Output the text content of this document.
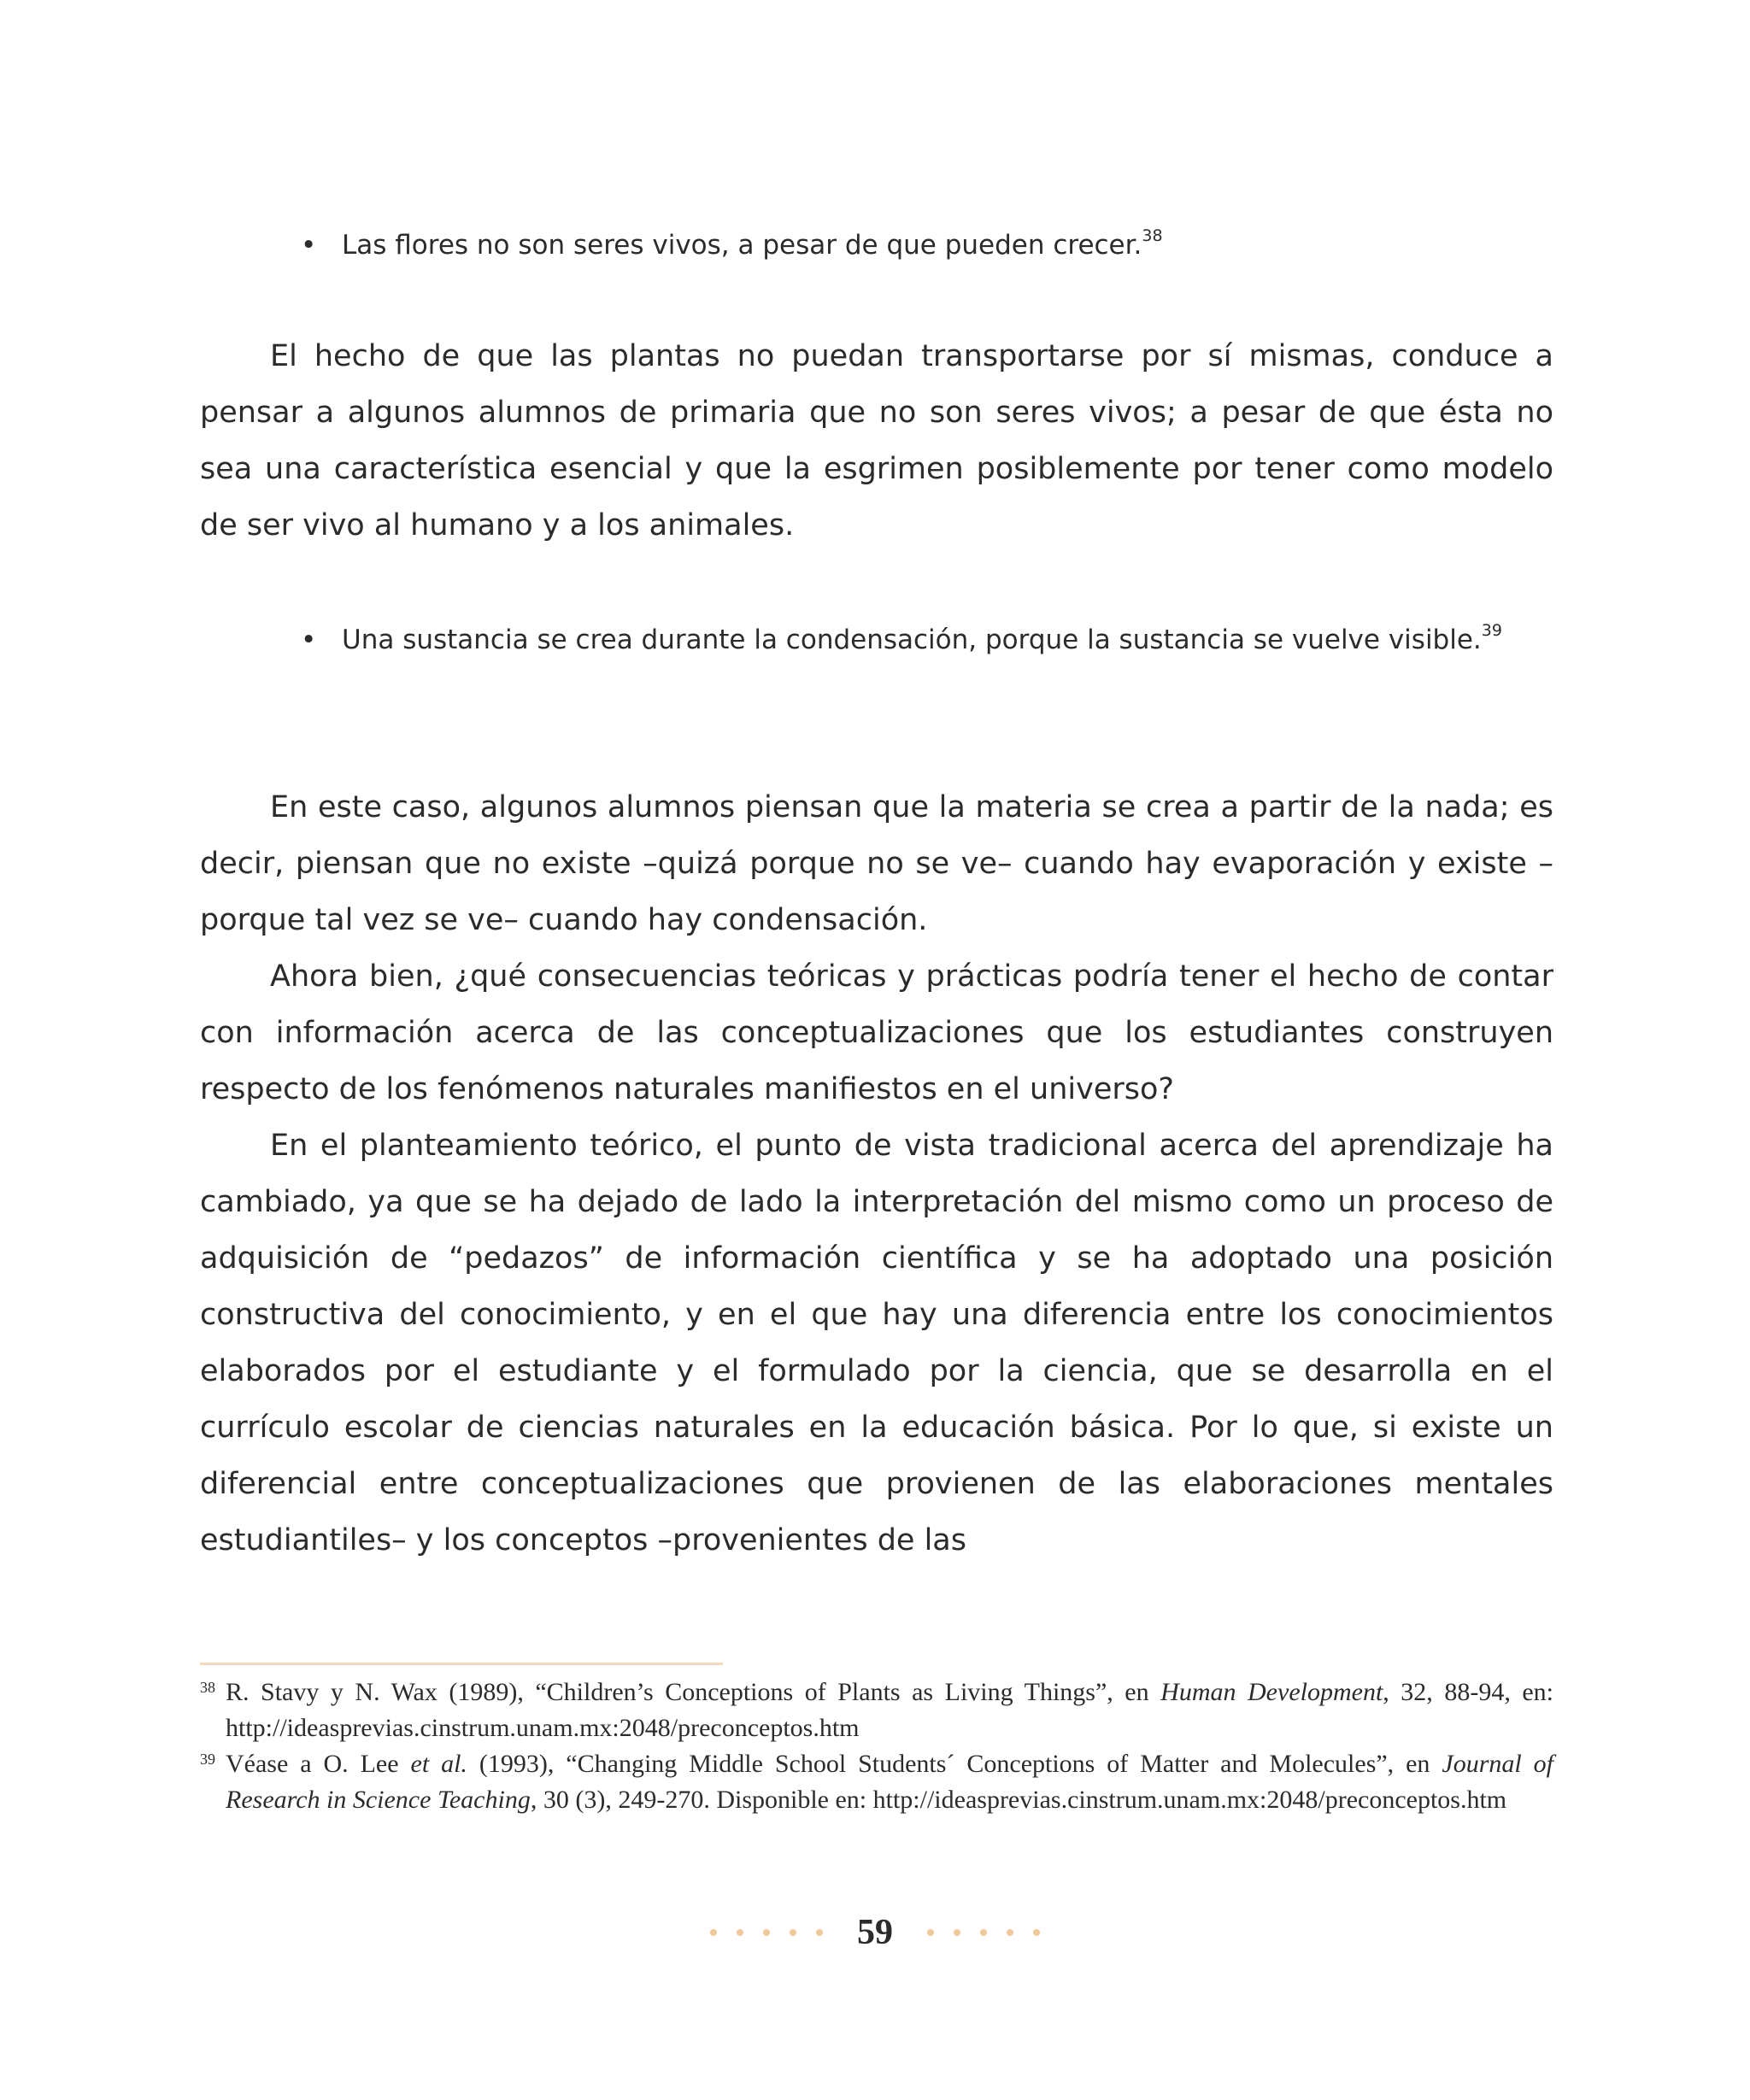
• Las flores no son seres vivos, a pesar de que pueden crecer.$^{38}$

El hecho de que las plantas no puedan transportarse por sí mismas, conduce a pensar a algunos alumnos de primaria que no son seres vivos; a pesar de que ésta no sea una característica esencial y que la esgrimen posiblemente por tener como modelo de ser vivo al humano y a los animales.

• Una sustancia se crea durante la condensación, porque la sustancia se vuelve visible.$^{39}$

En este caso, algunos alumnos piensan que la materia se crea a partir de la nada; es decir, piensan que no existe –quizá porque no se ve– cuando hay evaporación y existe –porque tal vez se ve– cuando hay condensación.

Ahora bien, ¿qué consecuencias teóricas y prácticas podría tener el hecho de contar con información acerca de las conceptualizaciones que los estudiantes construyen respecto de los fenómenos naturales manifiestos en el universo?

En el planteamiento teórico, el punto de vista tradicional acerca del aprendizaje ha cambiado, ya que se ha dejado de lado la interpretación del mismo como un proceso de adquisición de “pedazos” de información científica y se ha adoptado una posición constructiva del conocimiento, y en el que hay una diferencia entre los conocimientos elaborados por el estudiante y el formulado por la ciencia, que se desarrolla en el currículo escolar de ciencias naturales en la educación básica. Por lo que, si existe un diferencial entre conceptualizaciones que provienen de las elaboraciones mentales estudiantiles– y los conceptos –provenientes de las

38 R. Stavy y N. Wax (1989), “Children’s Conceptions of Plants as Living Things”, en Human Development, 32, 88-94, en: http://ideasprevias.cinstrum.unam.mx:2048/preconceptos.htm

39 Véase a O. Lee et al. (1993), “Changing Middle School Students´ Conceptions of Matter and Molecules”, en Journal of Research in Science Teaching, 30 (3), 249-270. Disponible en: http://ideasprevias.cinstrum.unam.mx:2048/preconceptos.htm

59
